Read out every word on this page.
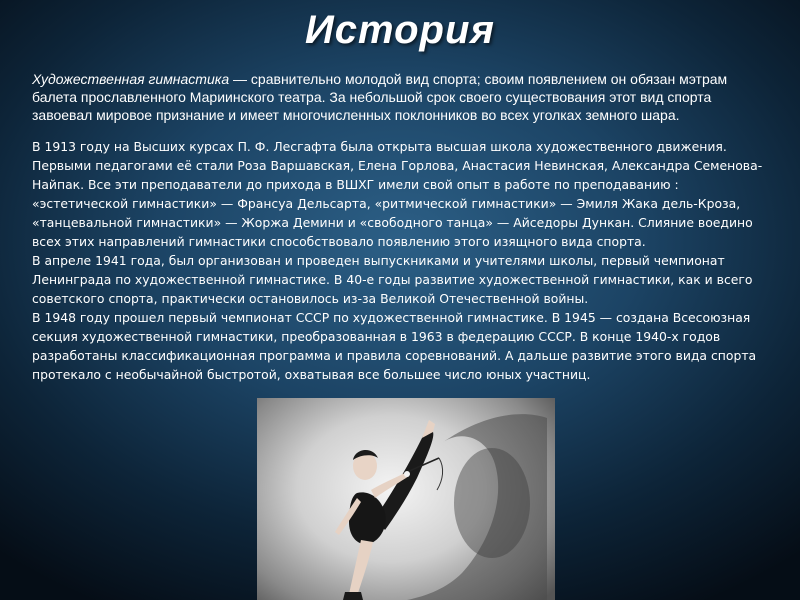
История

Художественная гимнастика — сравнительно молодой вид спорта; своим появлением он обязан мэтрам балета прославленного Мариинского театра. За небольшой срок своего существования этот вид спорта завоевал мировое признание и имеет многочисленных поклонников во всех уголках земного шара.

В 1913 году на Высших курсах П. Ф. Лесгафта была открыта высшая школа художественного движения. Первыми педагогами её стали Роза Варшавская, Елена Горлова, Анастасия Невинская, Александра Семенова-Найпак. Все эти преподаватели до прихода в ВШХГ имели свой опыт в работе по преподаванию : «эстетической гимнастики» — Франсуа Дельсарта, «ритмической гимнастики» — Эмиля Жака дель-Кроза, «танцевальной гимнастики» — Жоржа Демини и «свободного танца» — Айседоры Дункан. Слияние воедино всех этих направлений гимнастики способствовало появлению этого изящного вида спорта.

В апреле 1941 года, был организован и проведен выпускниками и учителями школы, первый чемпионат Ленинграда по художественной гимнастике. В 40-е годы развитие художественной гимнастики, как и всего советского спорта, практически остановилось из-за Великой Отечественной войны.

В 1948 году прошел первый чемпионат СССР по художественной гимнастике. В 1945 — создана Всесоюзная секция художественной гимнастики, преобразованная в 1963 в федерацию СССР. В конце 1940-х годов разработаны классификационная программа и правила соревнований. А дальше развитие этого вида спорта протекало с необычайной быстротой, охватывая все большее число юных участниц.
